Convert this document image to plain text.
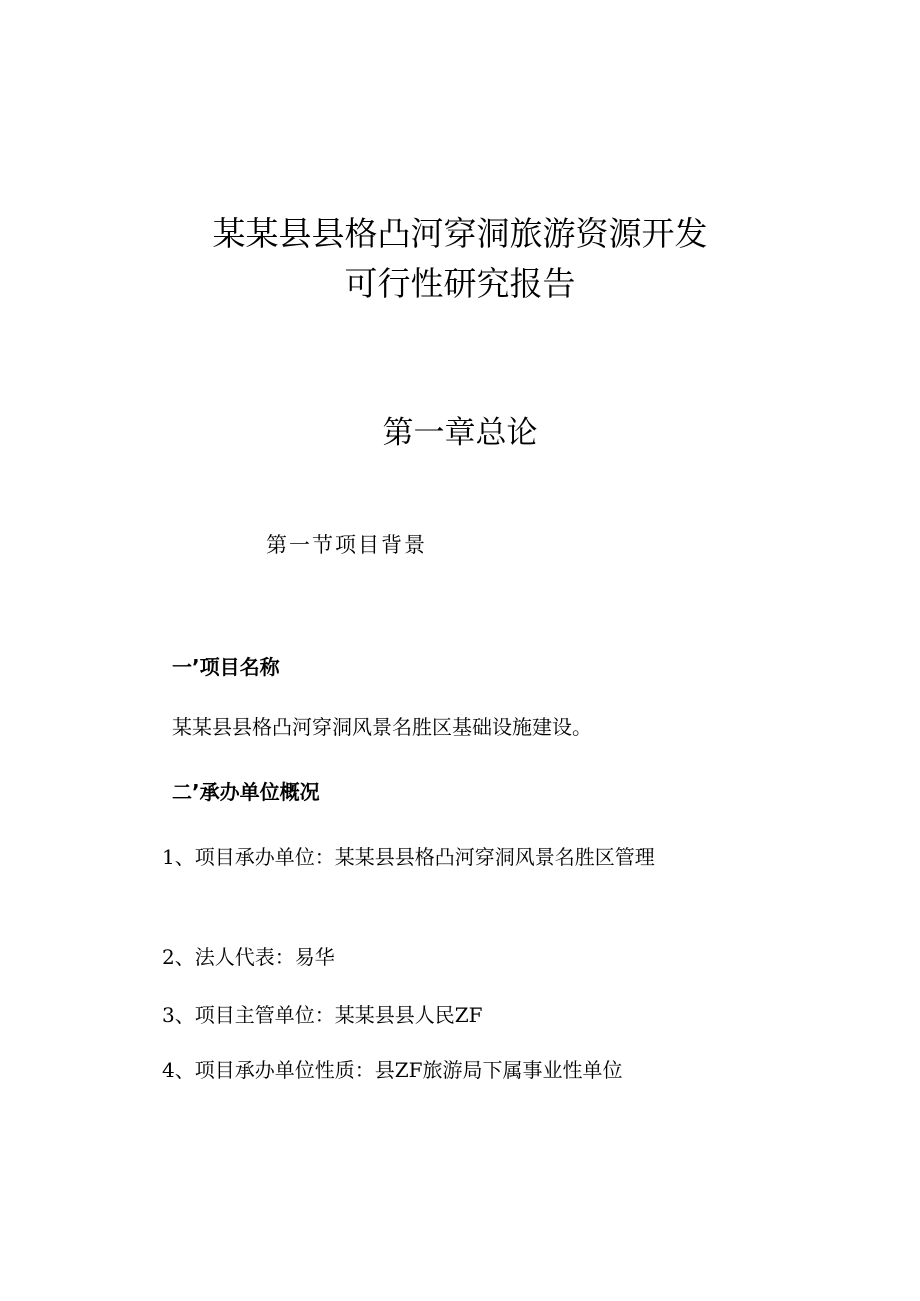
某某县县格凸河穿洞旅游资源开发
可行性研究报告
第一章总论
第一节项目背景
一’项目名称
某某县县格凸河穿洞风景名胜区基础设施建设。
二’承办单位概况
1、项目承办单位：某某县县格凸河穿洞风景名胜区管理
2、法人代表：易华
3、项目主管单位：某某县县人民ZF
4、项目承办单位性质：县ZF旅游局下属事业性单位
